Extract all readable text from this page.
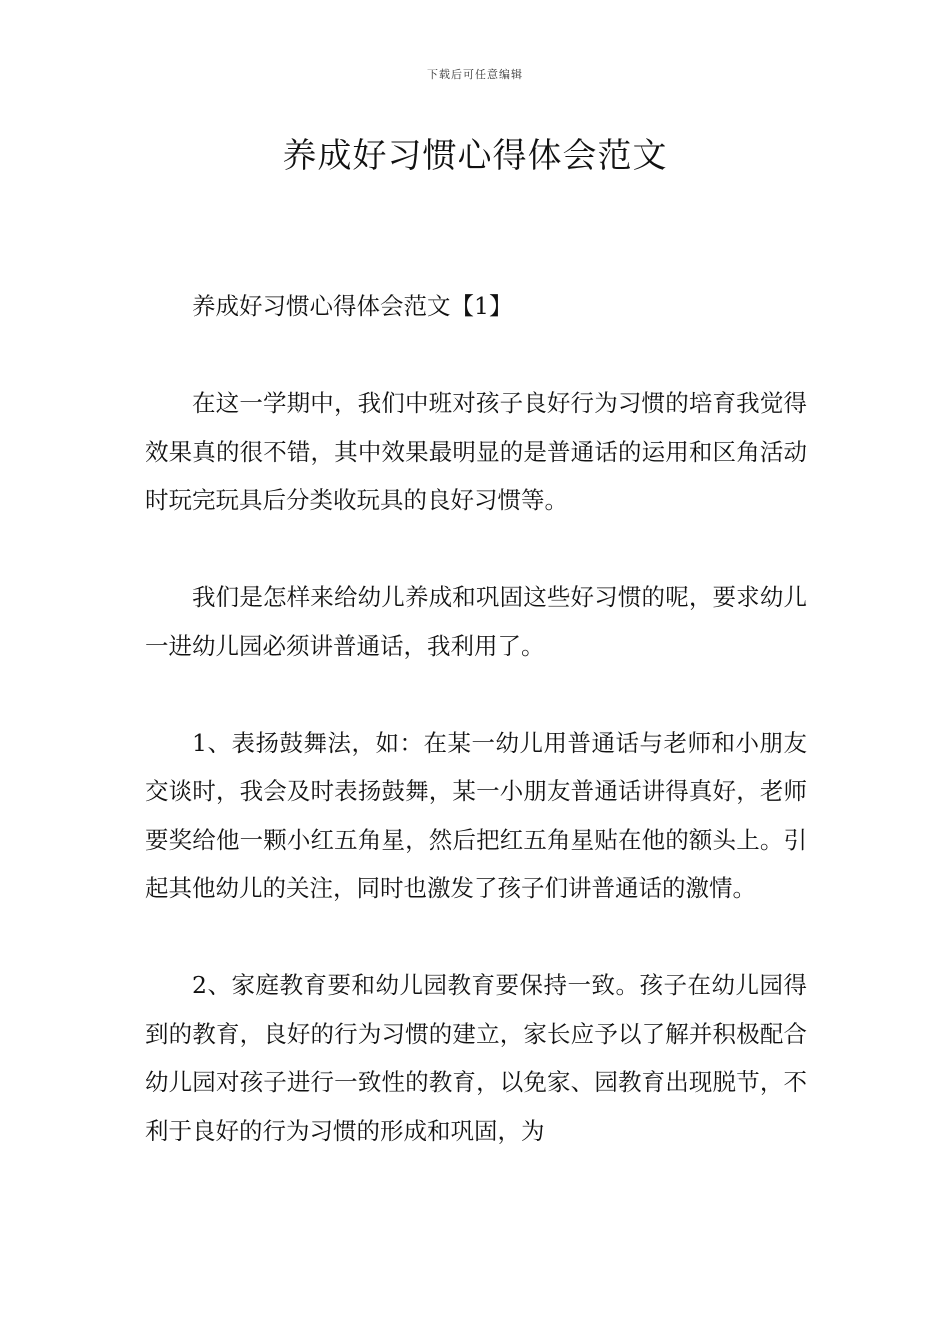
下载后可任意编辑
养成好习惯心得体会范文

养成好习惯心得体会范文【1】

在这一学期中，我们中班对孩子良好行为习惯的培育我觉得效果真的很不错，其中效果最明显的是普通话的运用和区角活动时玩完玩具后分类收玩具的良好习惯等。

我们是怎样来给幼儿养成和巩固这些好习惯的呢，要求幼儿一进幼儿园必须讲普通话，我利用了。

1、表扬鼓舞法，如：在某一幼儿用普通话与老师和小朋友交谈时，我会及时表扬鼓舞，某一小朋友普通话讲得真好，老师要奖给他一颗小红五角星，然后把红五角星贴在他的额头上。引起其他幼儿的关注，同时也激发了孩子们讲普通话的激情。

2、家庭教育要和幼儿园教育要保持一致。孩子在幼儿园得到的教育，良好的行为习惯的建立，家长应予以了解并积极配合幼儿园对孩子进行一致性的教育，以免家、园教育出现脱节，不利于良好的行为习惯的形成和巩固，为
